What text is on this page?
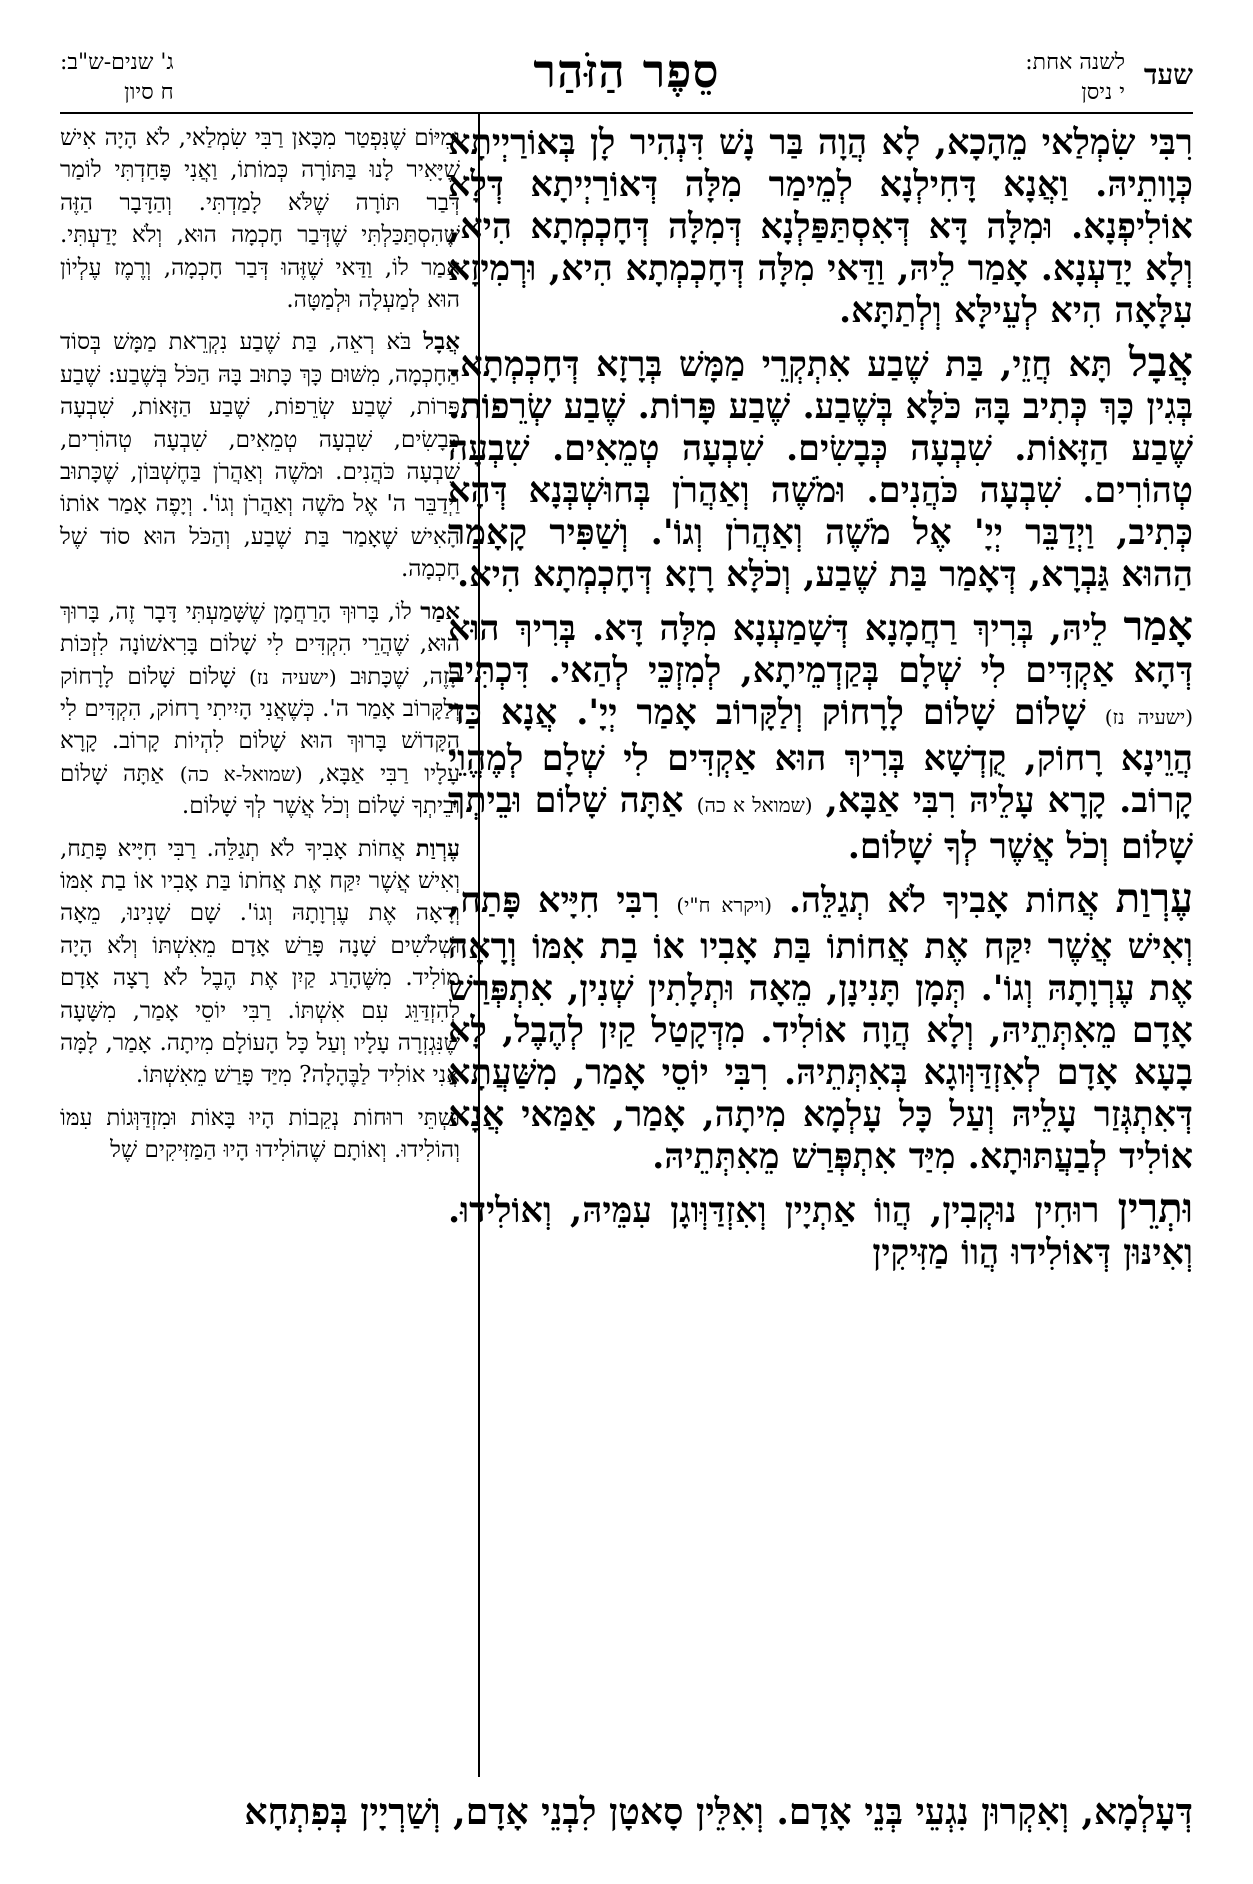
שעד
לשנה אחת:
י ניסן
סֵפֶר הַזֹּהַר
ג' שנים-ש"ב:
ח סיון

רִבִּי שִׂמְלַאי מֵהָכָא, לָא הֲוָה בַּר נָשׁ דִּנְהִיר לָן בְּאוֹרַיְיתָא כְּוָותֵיהּ. וַאֲנָא דָּחִילְנָא לְמֵימַר מִלָּה דְּאוֹרַיְיתָא דְּלָא אוֹלִיפְנָא. וּמִלָּה דָּא דְּאִסְתַּפַּלְנָא דְּמִלָּה דְּחָכְמְתָא הִיא, וְלָא יָדַעְנָא. אָמַר לֵיהּ, וַדַּאי מִלָּה דְּחָכְמְתָא הִיא, וּרְמִיזָא עִלָּאָה הִיא לְעֵילָּא וְלְתַתָּא.

אֲבָל תָּא חֲזֵי, בַּת שֶׁבַע אִתְקְרֵי מַמָּשׁ בְּרָזָא דְּחָכְמְתָא. בְּגִין כָּךְ כְּתִיב בָּהּ כֹּלָּא בְּשֶׁבַע. שֶׁבַע פָּרוֹת. שֶׁבַע שְׂרֵפוֹת. שֶׁבַע הַזָּאוֹת. שִׁבְעָה כְּבָשִׂים. שִׁבְעָה טְמֵאִים. שִׁבְעָה טְהוֹרִים. שִׁבְעָה כֹּהֲנִים. וּמֹשֶׁה וְאַהֲרֹן בְּחוּשְׁבְּנָא דְּהָא כְּתִיב, וַיְדַבֵּר יְיָ' אֶל מֹשֶׁה וְאַהֲרֹן וְגוֹ'. וְשַׁפִּיר קָאָמַר הַהוּא גַּבְרָא, דְּאָמַר בַּת שֶׁבַע, וְכֹלָּא רָזָא דְּחָכְמְתָא הִיא.

אָמַר לֵיהּ, בְּרִיךְ רַחֲמָנָא דְּשָׁמַעְנָא מִלָּה דָּא. בְּרִיךְ הוּא דְּהָא אַקְדִּים לִי שְׁלָם בְּקַדְמֵיתָא, לְמִזְכֵּי לְהַאי. דִּכְתִּיב (ישעיה נז) שָׁלוֹם שָׁלוֹם לָרָחוֹק וְלַקָּרוֹב אָמַר יְיָ'. אֲנָא כַּד הֲוֵינָא רָחוֹק, קֻדְשָׁא בְּרִיךְ הוּא אַקְדִּים לִי שְׁלָם לְמֶהֱוֵי קָרוֹב. קָרָא עָלֵיהּ רִבִּי אַבָּא, (שמואל א כה) אַתָּה שָׁלוֹם וּבֵיתְךָ שָׁלוֹם וְכֹל אֲשֶׁר לְךָ שָׁלוֹם.

עֶרְוַת אֲחוֹת אָבִיךָ לֹא תְגַלֵּה. (ויקרא ח"י) רִבִּי חִיָּיא פָּתַח, וְאִישׁ אֲשֶׁר יִקַּח אֶת אֲחוֹתוֹ בַּת אָבִיו אוֹ בַת אִמּוֹ וְרָאָה אֶת עֶרְוָתָהּ וְגוֹ'. תְּמָן תָּנִינָן, מֵאָה וּתְלָתִין שְׁנִין, אִתְפְּרַשׁ אָדָם מֵאִתְּתֵיהּ, וְלָא הֲוָה אוֹלִיד. מִדְּקָטַל קַיִן לְהֶבֶל, לָא בָעָא אָדָם לְאִזְדַּוְּוגָא בְּאִתְּתֵיהּ. רִבִּי יוֹסֵי אָמַר, מִשַּׁעֲתָא דְּאִתְגְּזַר עָלֵיהּ וְעַל כָּל עָלְמָא מִיתָה, אָמַר, אַמַּאי אֲנָא אוֹלִיד לְבַעֲתּוּתָא. מִיַּד אִתְפְּרַשׁ מֵאִתְּתֵיהּ.

וּתְרֵין רוּחִין נוּקְבִין, הֲווֹ אַתְיָין וְאִזְדַּוְּוגָן עִמֵּיהּ, וְאוֹלִידוּ. וְאִינּוּן דְּאוֹלִידוּ הֲווֹ מַזִּיקִין

וּמִיּוֹם שֶׁנִּפְטַר מִכָּאן רַבִּי שִׂמְלַאי, לֹא הָיָה אִישׁ שֶׁיָּאִיר לָנוּ בַּתּוֹרָה כְּמוֹתוֹ, וַאֲנִי פָּחַדְתִּי לוֹמַר דְּבַר תּוֹרָה שֶׁלֹּא לָמַדְתִּי. וְהַדָּבָר הַזֶּה שֶׁהִסְתַּכַּלְתִּי שֶׁדְּבַר חָכְמָה הוּא, וְלֹא יָדַעְתִּי. אָמַר לוֹ, וַדַּאי שֶׁזֶּהוּ דְּבַר חָכְמָה, וְרֶמֶז עֶלְיוֹן הוּא לְמַעְלָה וּלְמַטָּה.

אֲבָל בֹּא רְאֵה, בַּת שֶׁבַע נִקְרֵאת מַמָּשׁ בְּסוֹד הַחָכְמָה, מִשּׁוּם כָּךְ כָּתוּב בָּהּ הַכֹּל בְּשֶׁבַע: שֶׁבַע פָּרוֹת, שֶׁבַע שְׂרֵפוֹת, שֶׁבַע הַזָּאוֹת, שִׁבְעָה כְּבָשִׂים, שִׁבְעָה טְמֵאִים, שִׁבְעָה טְהוֹרִים, שִׁבְעָה כֹּהֲנִים. וּמֹשֶׁה וְאַהֲרֹן בַּחֶשְׁבּוֹן, שֶׁכָּתוּב וַיְדַבֵּר ה' אֶל מֹשֶׁה וְאַהֲרֹן וְגוֹ'. וְיָפֶה אָמַר אוֹתוֹ הָאִישׁ שֶׁאָמַר בַּת שֶׁבַע, וְהַכֹּל הוּא סוֹד שֶׁל חָכְמָה.

אָמַר לוֹ, בָּרוּךְ הָרַחֲמָן שֶׁשָּׁמַעְתִּי דָּבָר זֶה, בָּרוּךְ הוּא, שֶׁהֲרֵי הִקְדִּים לִי שָׁלוֹם בָּרִאשׁוֹנָה לִזְכּוֹת לָזֶה, שֶׁכָּתוּב (ישעיה נז) שָׁלוֹם שָׁלוֹם לָרָחוֹק וְלַקָּרוֹב אָמַר ה'. כְּשֶׁאֲנִי הָיִיתִי רָחוֹק, הִקְדִּים לִי הַקָּדוֹשׁ בָּרוּךְ הוּא שָׁלוֹם לִהְיוֹת קָרוֹב. קָרָא עָלָיו רַבִּי אַבָּא, (שמואל-א כה) אַתָּה שָׁלוֹם וּבֵיתְךָ שָׁלוֹם וְכֹל אֲשֶׁר לְךָ שָׁלוֹם.

עֶרְוַת אֲחוֹת אָבִיךָ לֹא תְגַלֵּה. רַבִּי חִיָּיא פָּתַח, וְאִישׁ אֲשֶׁר יִקַּח אֶת אֲחֹתוֹ בַּת אָבִיו אוֹ בַת אִמּוֹ וְרָאָה אֶת עֶרְוָתָהּ וְגוֹ'. שָׁם שָׁנִינוּ, מֵאָה וּשְׁלֹשִׁים שָׁנָה פָּרַשׁ אָדָם מֵאִשְׁתּוֹ וְלֹא הָיָה מוֹלִיד. מִשֶּׁהָרַג קַיִן אֶת הֶבֶל לֹא רָצָה אָדָם לְהִזְדַּוֵּג עִם אִשְׁתּוֹ. רַבִּי יוֹסֵי אָמַר, מִשָּׁעָה שֶׁנִּגְזְרָה עָלָיו וְעַל כָּל הָעוֹלָם מִיתָה. אָמַר, לָמָּה אֲנִי אוֹלִיד לַבֶּהָלָה? מִיַּד פָּרַשׁ מֵאִשְׁתּוֹ.

וּשְׁתֵּי רוּחוֹת נְקֵבוֹת הָיוּ בָּאוֹת וּמִזְדַּוְּגוֹת עִמּוֹ וְהוֹלִידוּ. וְאוֹתָם שֶׁהוֹלִידוּ הָיוּ הַמַּזִּיקִים שֶׁל

דְּעָלְמָא, וְאִקְרוּן נִגְעֵי בְּנֵי אָדָם. וְאִלֵּין סָאטָן לִבְנֵי אָדָם, וְשַׁרְיָין בְּפִתְחָא
